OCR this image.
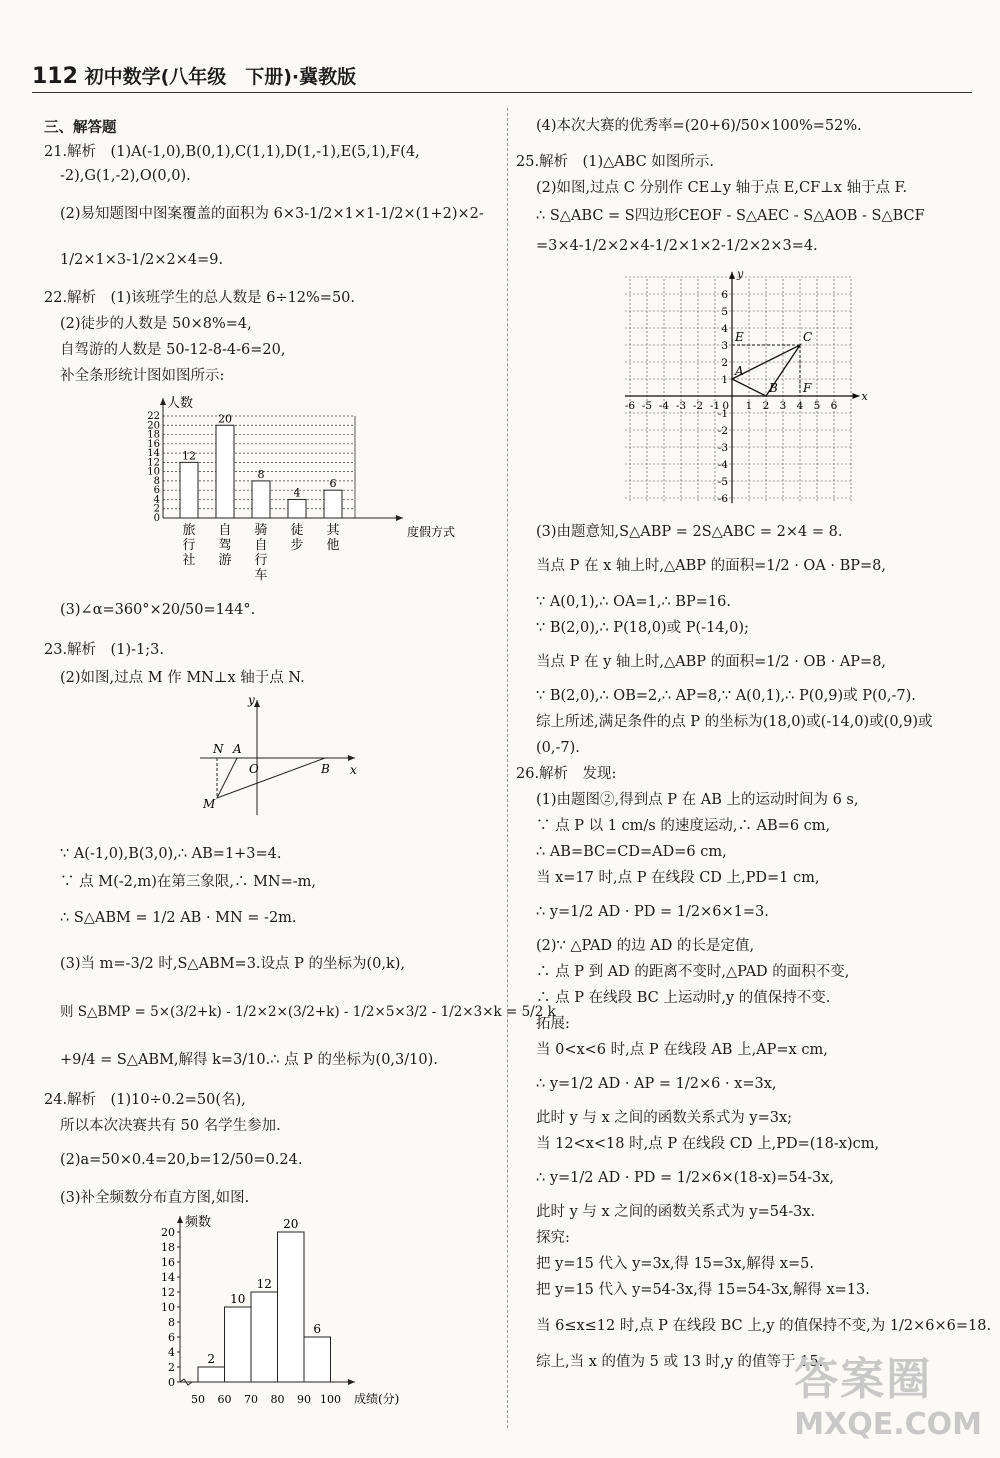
112 初中数学(八年级　下册)·冀教版
三、解答题
21.解析　(1)A(-1,0),B(0,1),C(1,1),D(1,-1),E(5,1),F(4,
-2),G(1,-2),O(0,0).
(2)易知题图中图案覆盖的面积为 6×3-1/2×1×1-1/2×(1+2)×2-
1/2×1×3-1/2×2×4=9.
22.解析　(1)该班学生的总人数是 6÷12%=50.
(2)徒步的人数是 50×8%=4,
自驾游的人数是 50-12-8-4-6=20,
补全条形统计图如图所示:
0
2
4
6
8
10
12
14
16
18
20
22
人数
度假方式
12
旅行社
20
自驾游
8
骑自行车
4
徒步
6
其他
(3)∠α=360°×20/50=144°.
23.解析　(1)-1;3.
(2)如图,过点 M 作 MN⊥x 轴于点 N.
y
x
N A
O	B
M
∵ A(-1,0),B(3,0),∴ AB=1+3=4.
∵ 点 M(-2,m)在第三象限,∴ MN=-m,
∴ S△ABM = 1/2 AB · MN = -2m.
(3)当 m=-3/2 时,S△ABM=3.设点 P 的坐标为(0,k),
则 S△BMP = 5×(3/2+k) - 1/2×2×(3/2+k) - 1/2×5×3/2 - 1/2×3×k = 5/2 k
+9/4 = S△ABM,解得 k=3/10.∴ 点 P 的坐标为(0,3/10).
24.解析　(1)10÷0.2=50(名),
所以本次决赛共有 50 名学生参加.
(2)a=50×0.4=20,b=12/50=0.24.
(3)补全频数分布直方图,如图.
频数
成绩(分)
0
2
4
6
8
10
12
14
16
18
20
50 60 70 80 90 100
2
10
12
20
6
(4)本次大赛的优秀率=(20+6)/50×100%=52%.
25.解析　(1)△ABC 如图所示.
(2)如图,过点 C 分别作 CE⊥y 轴于点 E,CF⊥x 轴于点 F.
∴ S△ABC = S四边形CEOF - S△AEC - S△AOB - S△BCF
=3×4-1/2×2×4-1/2×1×2-1/2×2×3=4.
y
x
-6 -5 -4 -3 -2 -1 1 2 3 4 5 6
0
-6
-5
-4
-3
-2
-1
1
2
3
4
5
6
E	C
A
B F
(3)由题意知,S△ABP = 2S△ABC = 2×4 = 8.
当点 P 在 x 轴上时,△ABP 的面积=1/2 · OA · BP=8,
∵ A(0,1),∴ OA=1,∴ BP=16.
∵ B(2,0),∴ P(18,0)或 P(-14,0);
当点 P 在 y 轴上时,△ABP 的面积=1/2 · OB · AP=8,
∵ B(2,0),∴ OB=2,∴ AP=8,∵ A(0,1),∴ P(0,9)或 P(0,-7).
综上所述,满足条件的点 P 的坐标为(18,0)或(-14,0)或(0,9)或
(0,-7).
26.解析　发现:
(1)由题图②,得到点 P 在 AB 上的运动时间为 6 s,
∵ 点 P 以 1 cm/s 的速度运动,∴ AB=6 cm,
∴ AB=BC=CD=AD=6 cm,
当 x=17 时,点 P 在线段 CD 上,PD=1 cm,
∴ y=1/2 AD · PD = 1/2×6×1=3.
(2)∵ △PAD 的边 AD 的长是定值,
∴ 点 P 到 AD 的距离不变时,△PAD 的面积不变,
∴ 点 P 在线段 BC 上运动时,y 的值保持不变.
拓展:
当 0<x<6 时,点 P 在线段 AB 上,AP=x cm,
∴ y=1/2 AD · AP = 1/2×6 · x=3x,
此时 y 与 x 之间的函数关系式为 y=3x;
当 12<x<18 时,点 P 在线段 CD 上,PD=(18-x)cm,
∴ y=1/2 AD · PD = 1/2×6×(18-x)=54-3x,
此时 y 与 x 之间的函数关系式为 y=54-3x.
探究:
把 y=15 代入 y=3x,得 15=3x,解得 x=5.
把 y=15 代入 y=54-3x,得 15=54-3x,解得 x=13.
当 6≤x≤12 时,点 P 在线段 BC 上,y 的值保持不变,为 1/2×6×6=18.
综上,当 x 的值为 5 或 13 时,y 的值等于 15.
答案圈
MXQE.COM
